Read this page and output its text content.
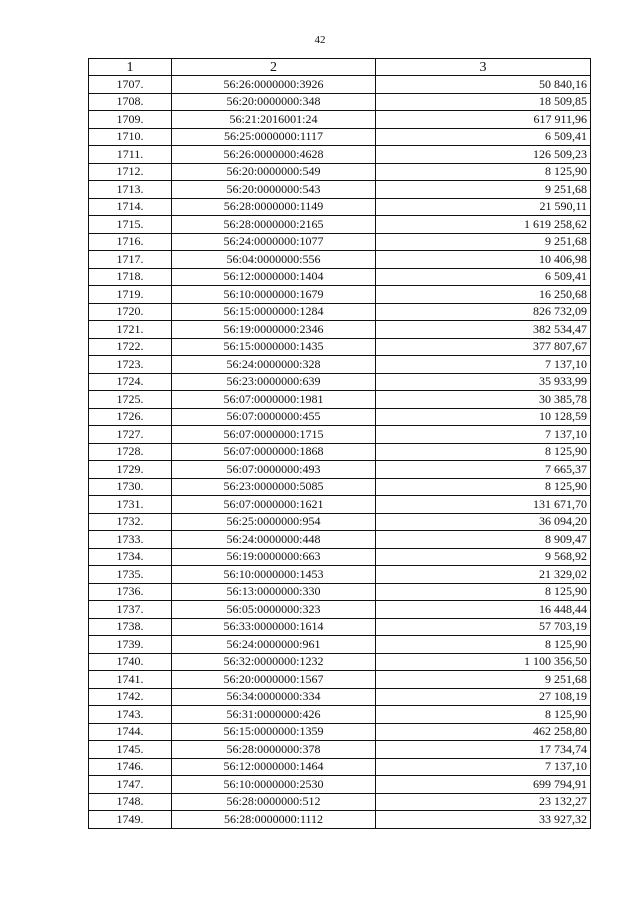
42
1	2	3
1707.	56:26:0000000:3926	50 840,16
1708.	56:20:0000000:348	18 509,85
1709.	56:21:2016001:24	617 911,96
1710.	56:25:0000000:1117	6 509,41
1711.	56:26:0000000:4628	126 509,23
1712.	56:20:0000000:549	8 125,90
1713.	56:20:0000000:543	9 251,68
1714.	56:28:0000000:1149	21 590,11
1715.	56:28:0000000:2165	1 619 258,62
1716.	56:24:0000000:1077	9 251,68
1717.	56:04:0000000:556	10 406,98
1718.	56:12:0000000:1404	6 509,41
1719.	56:10:0000000:1679	16 250,68
1720.	56:15:0000000:1284	826 732,09
1721.	56:19:0000000:2346	382 534,47
1722.	56:15:0000000:1435	377 807,67
1723.	56:24:0000000:328	7 137,10
1724.	56:23:0000000:639	35 933,99
1725.	56:07:0000000:1981	30 385,78
1726.	56:07:0000000:455	10 128,59
1727.	56:07:0000000:1715	7 137,10
1728.	56:07:0000000:1868	8 125,90
1729.	56:07:0000000:493	7 665,37
1730.	56:23:0000000:5085	8 125,90
1731.	56:07:0000000:1621	131 671,70
1732.	56:25:0000000:954	36 094,20
1733.	56:24:0000000:448	8 909,47
1734.	56:19:0000000:663	9 568,92
1735.	56:10:0000000:1453	21 329,02
1736.	56:13:0000000:330	8 125,90
1737.	56:05:0000000:323	16 448,44
1738.	56:33:0000000:1614	57 703,19
1739.	56:24:0000000:961	8 125,90
1740.	56:32:0000000:1232	1 100 356,50
1741.	56:20:0000000:1567	9 251,68
1742.	56:34:0000000:334	27 108,19
1743.	56:31:0000000:426	8 125,90
1744.	56:15:0000000:1359	462 258,80
1745.	56:28:0000000:378	17 734,74
1746.	56:12:0000000:1464	7 137,10
1747.	56:10:0000000:2530	699 794,91
1748.	56:28:0000000:512	23 132,27
1749.	56:28:0000000:1112	33 927,32
